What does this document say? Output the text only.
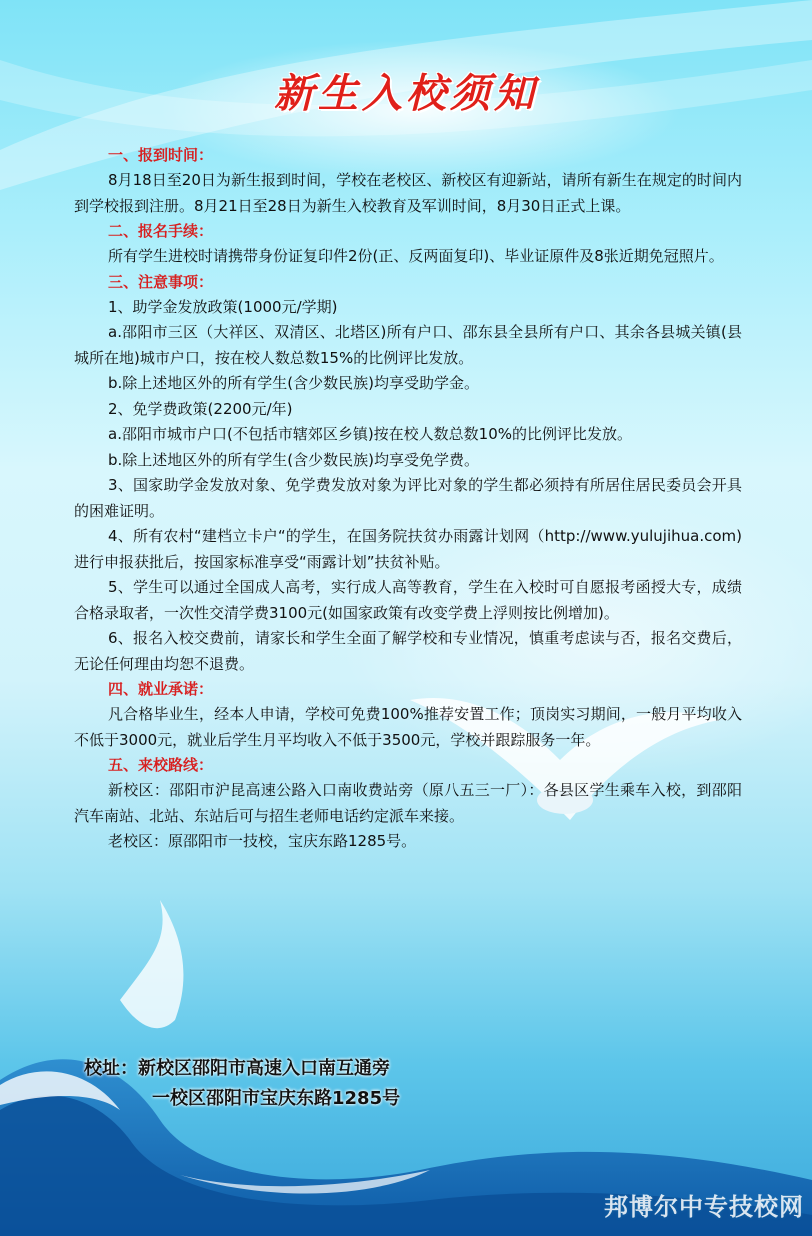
新生入校须知
一、报到时间：
8月18日至20日为新生报到时间，学校在老校区、新校区有迎新站，请所有新生在规定的时间内到学校报到注册。8月21日至28日为新生入校教育及军训时间，8月30日正式上课。
二、报名手续：
所有学生进校时请携带身份证复印件2份(正、反两面复印)、毕业证原件及8张近期免冠照片。
三、注意事项：
1、助学金发放政策(1000元/学期)
a.邵阳市三区（大祥区、双清区、北塔区)所有户口、邵东县全县所有户口、其余各县城关镇(县城所在地)城市户口，按在校人数总数15%的比例评比发放。
b.除上述地区外的所有学生(含少数民族)均享受助学金。
2、免学费政策(2200元/年)
a.邵阳市城市户口(不包括市辖郊区乡镇)按在校人数总数10%的比例评比发放。
b.除上述地区外的所有学生(含少数民族)均享受免学费。
3、国家助学金发放对象、免学费发放对象为评比对象的学生都必须持有所居住居民委员会开具的困难证明。
4、所有农村“建档立卡户“的学生，在国务院扶贫办雨露计划网（http://www.yulujihua.com)进行申报获批后，按国家标准享受“雨露计划”扶贫补贴。
5、学生可以通过全国成人高考，实行成人高等教育，学生在入校时可自愿报考函授大专，成绩合格录取者，一次性交清学费3100元(如国家政策有改变学费上浮则按比例增加)。
6、报名入校交费前，请家长和学生全面了解学校和专业情况，慎重考虑读与否，报名交费后，无论任何理由均恕不退费。
四、就业承诺：
凡合格毕业生，经本人申请，学校可免费100%推荐安置工作；顶岗实习期间，一般月平均收入不低于3000元，就业后学生月平均收入不低于3500元，学校并跟踪服务一年。
五、来校路线：
新校区：邵阳市沪昆高速公路入口南收费站旁（原八五三一厂）：各县区学生乘车入校，到邵阳汽车南站、北站、东站后可与招生老师电话约定派车来接。
老校区：原邵阳市一技校，宝庆东路1285号。
校址：新校区邵阳市高速入口南互通旁
一校区邵阳市宝庆东路1285号
邦博尔中专技校网
